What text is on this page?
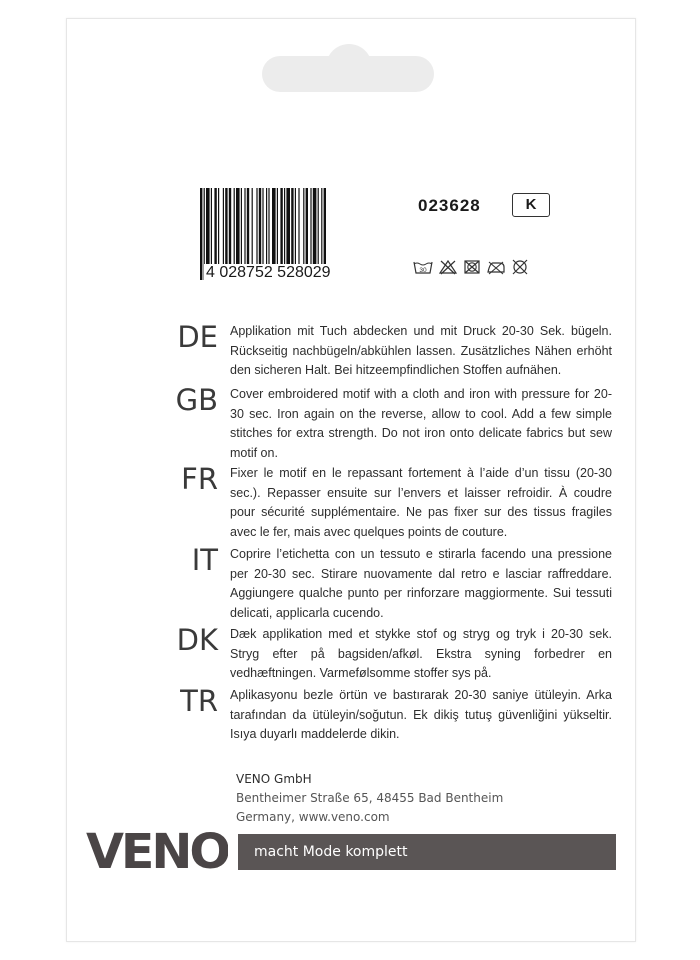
4 028752 528029
023628	K
30
DE Applikation mit Tuch abdecken und mit Druck 20-30 Sek. bügeln. Rückseitig nachbügeln/abkühlen lassen. Zusätzliches Nähen erhöht den sicheren Halt. Bei hitzeempfindlichen Stoffen aufnähen.
GB Cover embroidered motif with a cloth and iron with pressure for 20-30 sec. Iron again on the reverse, allow to cool. Add a few simple stitches for extra strength. Do not iron onto delicate fabrics but sew motif on.
FR Fixer le motif en le repassant fortement à l’aide d’un tissu (20-30 sec.). Repasser ensuite sur l’envers et laisser refroidir. À coudre pour sécurité supplémentaire. Ne pas fixer sur des tissus fragiles avec le fer, mais avec quelques points de couture.
IT Coprire l’etichetta con un tessuto e stirarla facendo una pressione per 20-30 sec. Stirare nuovamente dal retro e lasciar raffreddare. Aggiungere qualche punto per rinforzare maggiormente. Sui tessuti delicati, applicarla cucendo.
DK Dæk applikation med et stykke stof og stryg og tryk i 20-30 sek. Stryg efter på bagsiden/afkøl. Ekstra syning forbedrer en vedhæftningen. Varmefølsomme stoffer sys på.
TR Aplikasyonu bezle örtün ve bastırarak 20-30 saniye ütüleyin. Arka tarafından da ütüleyin/soğutun. Ek dikiş tutuş güvenliğini yükseltir. Isıya duyarlı maddelerde dikin.
VENO GmbH
Bentheimer Straße 65, 48455 Bad Bentheim
Germany, www.veno.com
VENO	macht Mode komplett
